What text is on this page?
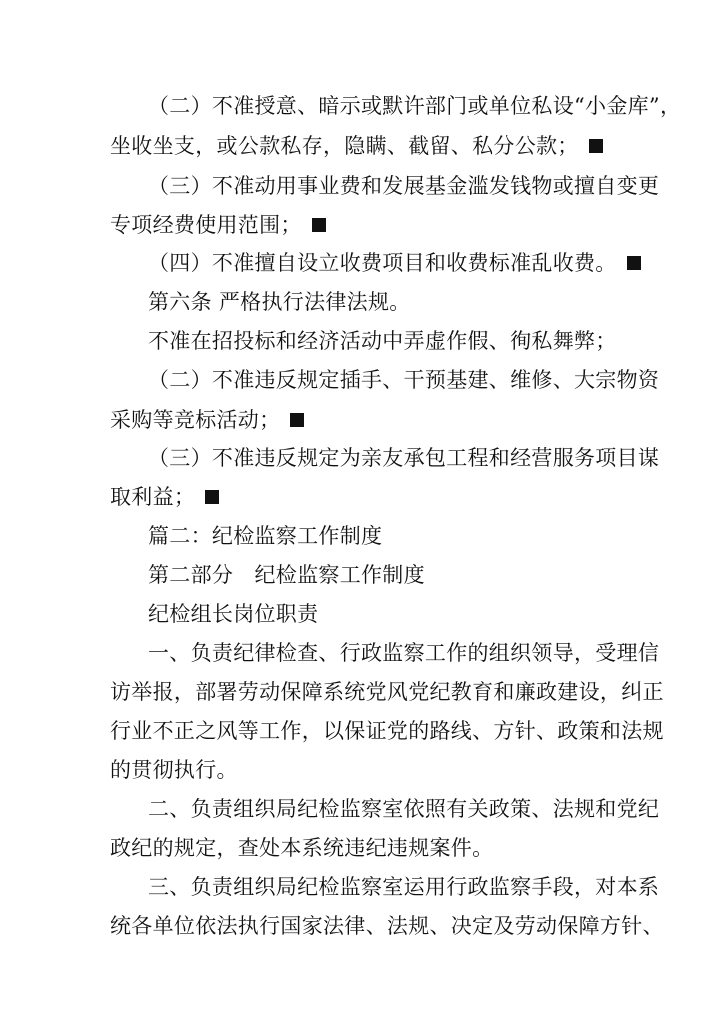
（二）不准授意、暗示或默许部门或单位私设“小金库”，
坐收坐支，或公款私存，隐瞒、截留、私分公款；
（三）不准动用事业费和发展基金滥发钱物或擅自变更
专项经费使用范围；
（四）不准擅自设立收费项目和收费标准乱收费。
第六条 严格执行法律法规。
不准在招投标和经济活动中弄虚作假、徇私舞弊；
（二）不准违反规定插手、干预基建、维修、大宗物资
采购等竞标活动；
（三）不准违反规定为亲友承包工程和经营服务项目谋
取利益；
篇二：纪检监察工作制度
第二部分　纪检监察工作制度
纪检组长岗位职责
一、负责纪律检查、行政监察工作的组织领导，受理信
访举报，部署劳动保障系统党风党纪教育和廉政建设，纠正
行业不正之风等工作，以保证党的路线、方针、政策和法规
的贯彻执行。
二、负责组织局纪检监察室依照有关政策、法规和党纪
政纪的规定，查处本系统违纪违规案件。
三、负责组织局纪检监察室运用行政监察手段，对本系
统各单位依法执行国家法律、法规、决定及劳动保障方针、
